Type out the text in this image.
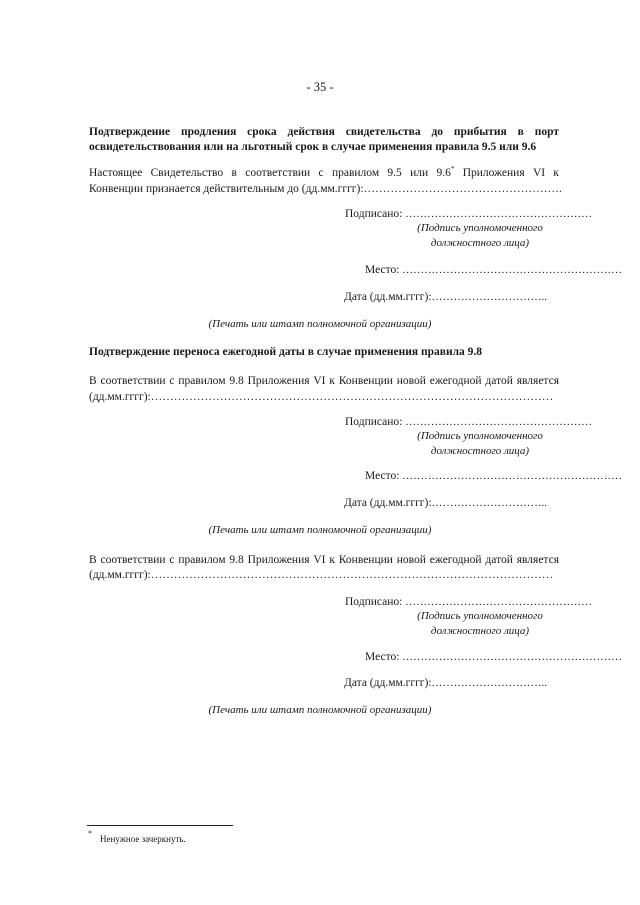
- 35 -
Подтверждение продления срока действия свидетельства до прибытия в порт
освидетельствования или на льготный срок в случае применения правила 9.5 или 9.6
Настоящее Свидетельство в соответствии с правилом 9.5 или 9.6* Приложения VI к
Конвенции признается действительным до (дд.мм.гггг):…………………………………………….
Подписано: ……………………………………………
(Подпись уполномоченного
должностного лица)
Место: ……………………………………………………
Дата (дд.мм.гггг):…………………………..
(Печать или штамп полномочной организации)
Подтверждение переноса ежегодной даты в случае применения правила 9.8
В соответствии с правилом 9.8 Приложения VI к Конвенции новой ежегодной датой является
(дд.мм.гггг):……………………………………………………………………………………………
Подписано: ……………………………………………
(Подпись уполномоченного
должностного лица)
Место: ……………………………………………………
Дата (дд.мм.гггг):…………………………..
(Печать или штамп полномочной организации)
В соответствии с правилом 9.8 Приложения VI к Конвенции новой ежегодной датой является
(дд.мм.гггг):……………………………………………………………………………………………
Подписано: ……………………………………………
(Подпись уполномоченного
должностного лица)
Место: ……………………………………………………
Дата (дд.мм.гггг):…………………………..
(Печать или штамп полномочной организации)
*
Ненужное зачеркнуть.
